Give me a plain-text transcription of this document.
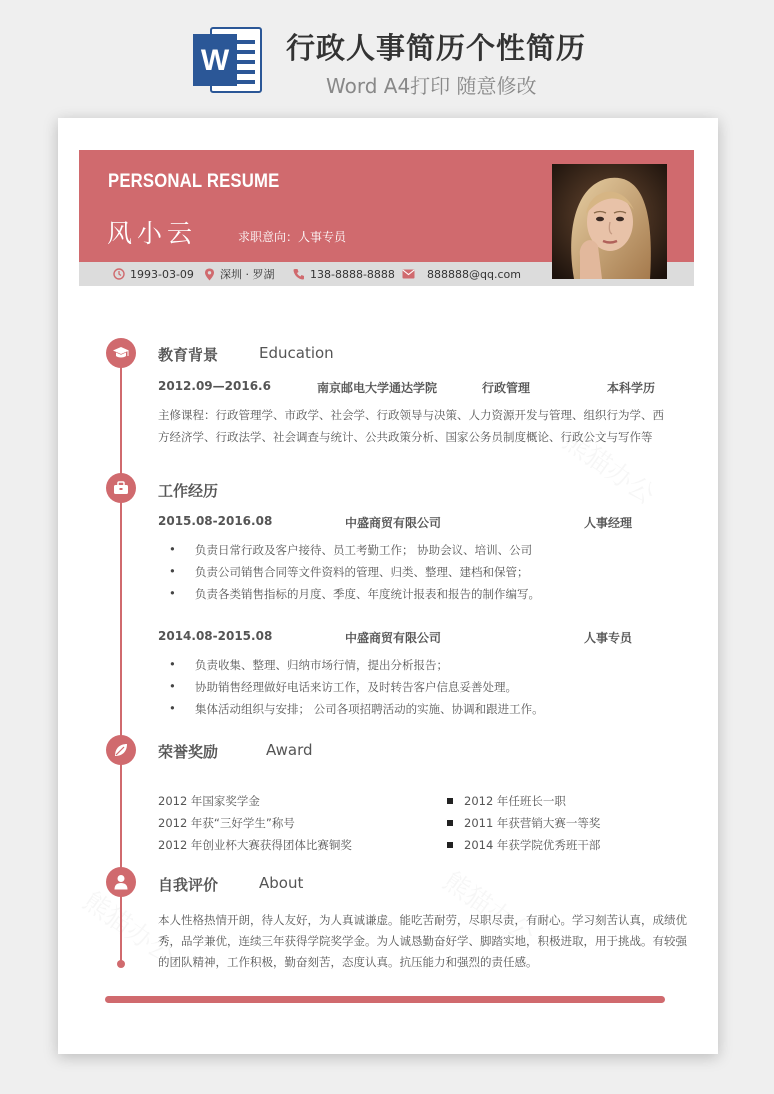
W 行政人事简历个性简历
Word A4打印 随意修改
PERSONAL RESUME
风小云	求职意向：人事专员
1993-03-09 深圳 · 罗湖	138-8888-8888	888888@qq.com
教育背景	Education
2012.09—2016.6	南京邮电大学通达学院	行政管理	本科学历
主修课程：行政管理学、市政学、社会学、行政领导与决策、人力资源开发与管理、组织行为学、西
方经济学、行政法学、社会调查与统计、公共政策分析、国家公务员制度概论、行政公文与写作等
工作经历
2015.08-2016.08	中盛商贸有限公司	人事经理
• 负责日常行政及客户接待、员工考勤工作； 协助会议、培训、公司
• 负责公司销售合同等文件资料的管理、归类、整理、建档和保管；
• 负责各类销售指标的月度、季度、年度统计报表和报告的制作编写。
2014.08-2015.08	中盛商贸有限公司	人事专员
• 负责收集、整理、归纳市场行情，提出分析报告；
• 协助销售经理做好电话来访工作，及时转告客户信息妥善处理。
• 集体活动组织与安排； 公司各项招聘活动的实施、协调和跟进工作。
荣誉奖励	Award
2012 年国家奖学金
2012 年获“三好学生”称号
2012 年创业杯大赛获得团体比赛铜奖
2012 年任班长一职
2011 年获营销大赛一等奖
2014 年获学院优秀班干部
自我评价	About
本人性格热情开朗，待人友好，为人真诚谦虚。能吃苦耐劳，尽职尽责，有耐心。学习刻苦认真，成绩优
秀，品学兼优，连续三年获得学院奖学金。为人诚恳勤奋好学、脚踏实地，积极进取，用于挑战。有较强
的团队精神，工作积极，勤奋刻苦，态度认真。抗压能力和强烈的责任感。
